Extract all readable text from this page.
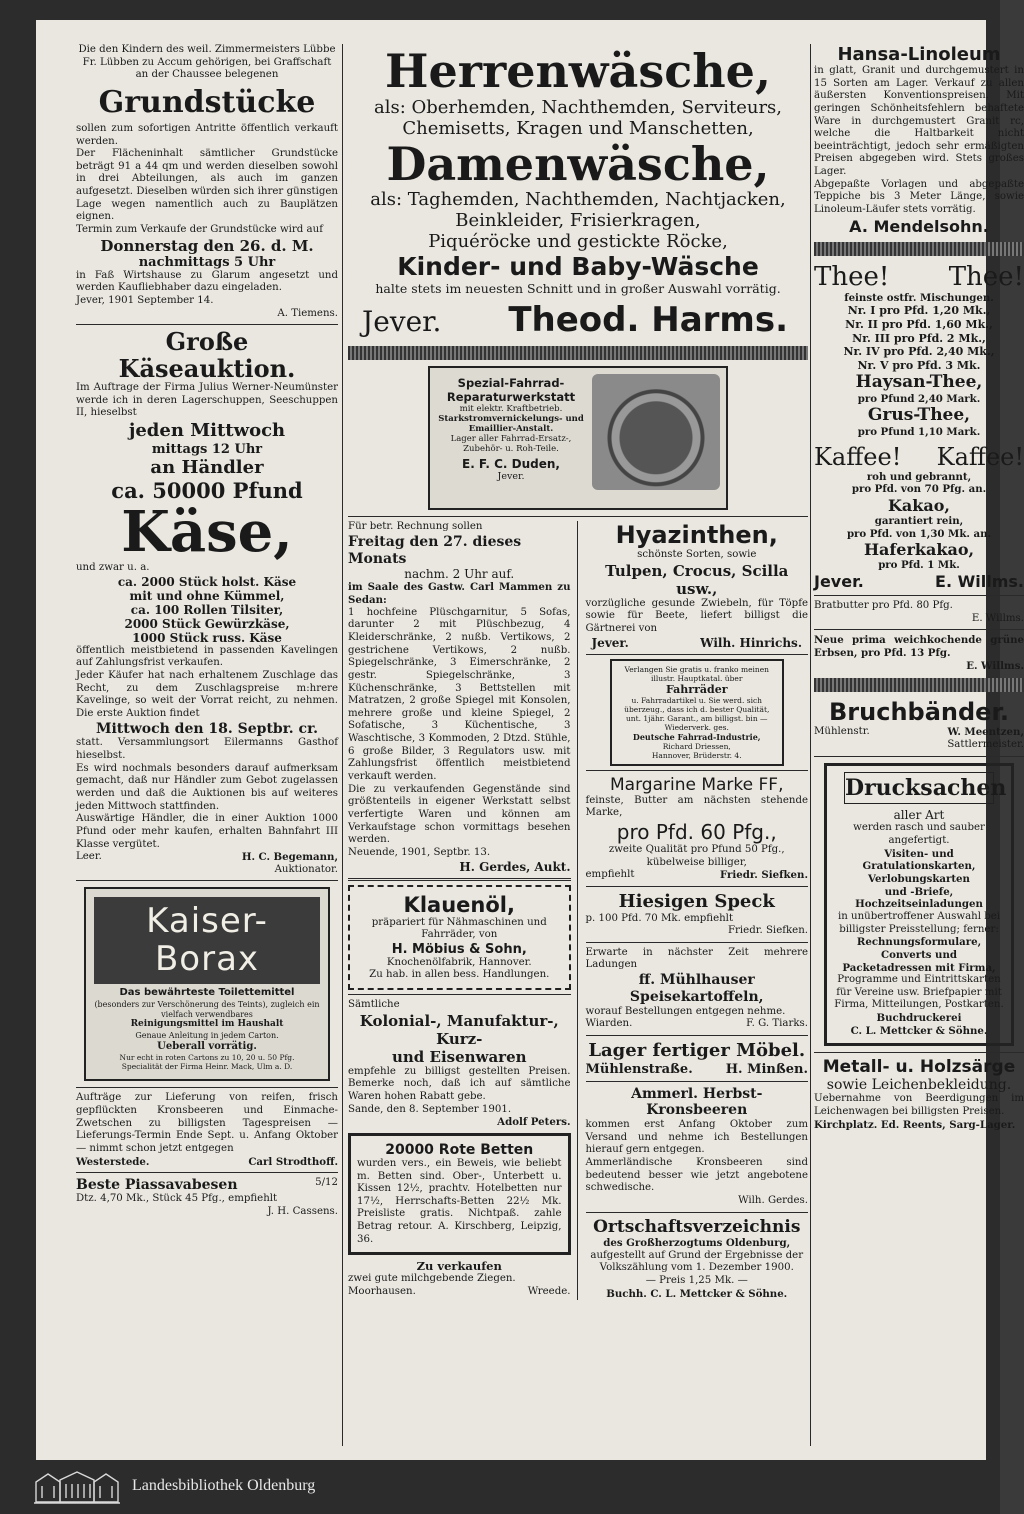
Die den Kindern des weil. Zimmermeisters Lübbe Fr. Lübben zu Accum gehörigen, bei Graffschaft an der Chaussee belegenen

Grundstücke

sollen zum sofortigen Antritte öffentlich verkauft werden.

Der Flächeninhalt sämtlicher Grundstücke beträgt 91 a 44 qm und werden dieselben sowohl in drei Abteilungen, als auch im ganzen aufgesetzt. Dieselben würden sich ihrer günstigen Lage wegen namentlich auch zu Bauplätzen eignen.

Termin zum Verkaufe der Grundstücke wird auf

Donnerstag den 26. d. M.

nachmittags 5 Uhr

in Faß Wirtshause zu Glarum angesetzt und werden Kaufliebhaber dazu eingeladen.

Jever, 1901 September 14.

A. Tiemens.

Große Käseauktion.

Im Auftrage der Firma Julius Werner-Neumünster werde ich in deren Lagerschuppen, Seeschuppen II, hieselbst

jeden Mittwoch

mittags 12 Uhr

an Händler

ca. 50000 Pfund

Käse,

und zwar u. a.

ca. 2000 Stück holst. Käse

mit und ohne Kümmel,

ca. 100 Rollen Tilsiter,

2000 Stück Gewürzkäse,

1000 Stück russ. Käse

öffentlich meistbietend in passenden Kavelingen auf Zahlungsfrist verkaufen.

Jeder Käufer hat nach erhaltenem Zuschlage das Recht, zu dem Zuschlagspreise m:hrere Kavelinge, so weit der Vorrat reicht, zu nehmen. Die erste Auktion findet

Mittwoch den 18. Septbr. cr.

statt. Versammlungsort Eilermanns Gasthof hieselbst.

Es wird nochmals besonders darauf aufmerksam gemacht, daß nur Händler zum Gebot zugelassen werden und daß die Auktionen bis auf weiteres jeden Mittwoch stattfinden.

Auswärtige Händler, die in einer Auktion 1000 Pfund oder mehr kaufen, erhalten Bahnfahrt III Klasse vergütet.

Leer.	H. C. Begemann,

Auktionator.

Kaiser-
Borax

Das bewährteste Toilettemittel

(besonders zur Verschönerung des Teints), zugleich ein vielfach verwendbares

Reinigungsmittel im Haushalt

Genaue Anleitung in jedem Carton.

Ueberall vorrätig.

Nur echt in roten Cartons zu 10, 20 u. 50 Pfg.

Specialität der Firma Heinr. Mack, Ulm a. D.

Aufträge zur Lieferung von reifen, frisch gepflückten Kronsbeeren und Einmache-Zwetschen zu billigsten Tagespreisen — Lieferungs-Termin Ende Sept. u. Anfang Oktober — nimmt schon jetzt entgegen

Westerstede.	Carl Strodthoff.
Beste Piassavabesen	5/12

Dtz. 4,70 Mk., Stück 45 Pfg., empfiehlt

J. H. Cassens.

Herrenwäsche,

als: Oberhemden, Nachthemden, Serviteurs,

Chemisetts, Kragen und Manschetten,

Damenwäsche,

als: Taghemden, Nachthemden, Nachtjacken,

Beinkleider, Frisierkragen,

Piquéröcke und gestickte Röcke,

Kinder- und Baby-Wäsche

halte stets im neuesten Schnitt und in großer Auswahl vorrätig.

Jever. Theod. Harms.

Spezial-Fahrrad-

Reparaturwerkstatt

mit elektr. Kraftbetrieb.

Starkstromvernickelungs- und Emaillier-Anstalt.

Lager aller Fahrrad-Ersatz-, Zubehör- u. Roh-Teile.

E. F. C. Duden,

Jever.

Für betr. Rechnung sollen

Freitag den 27. dieses Monats

nachm. 2 Uhr auf.

im Saale des Gastw. Carl Mammen zu Sedan:

1 hochfeine Plüschgarnitur, 5 Sofas, darunter 2 mit Plüschbezug, 4 Kleiderschränke, 2 nußb. Vertikows, 2 gestrichene Vertikows, 2 nußb. Spiegelschränke, 3 Eimerschränke, 2 gestr. Spiegelschränke, 3 Küchenschränke, 3 Bettstellen mit Matratzen, 2 große Spiegel mit Konsolen, mehrere große und kleine Spiegel, 2 Sofatische, 3 Küchentische, 3 Waschtische, 3 Kommoden, 2 Dtzd. Stühle, 6 große Bilder, 3 Regulators usw. mit Zahlungsfrist öffentlich meistbietend verkauft werden.

Die zu verkaufenden Gegenstände sind größtenteils in eigener Werkstatt selbst verfertigte Waren und können am Verkaufstage schon vormittags besehen werden.

Neuende, 1901, Septbr. 13.

H. Gerdes, Aukt.

Klauenöl,

präpariert für Nähmaschinen und Fahrräder, von

H. Möbius & Sohn,

Knochenölfabrik, Hannover.

Zu hab. in allen bess. Handlungen.

Sämtliche

Kolonial-, Manufaktur-, Kurz-

und Eisenwaren

empfehle zu billigst gestellten Preisen. Bemerke noch, daß ich auf sämtliche Waren hohen Rabatt gebe.

Sande, den 8. September 1901.

Adolf Peters.

20000 Rote Betten

wurden vers., ein Beweis, wie beliebt m. Betten sind. Ober-, Unterbett u. Kissen 12½, prachtv. Hotelbetten nur 17½, Herrschafts-Betten 22½ Mk. Preisliste gratis. Nichtpaß. zahle Betrag retour. A. Kirschberg, Leipzig, 36.

Zu verkaufen

zwei gute milchgebende Ziegen.

Moorhausen.	Wreede.

Hyazinthen,

schönste Sorten, sowie

Tulpen, Crocus, Scilla usw.,

vorzügliche gesunde Zwiebeln, für Töpfe sowie für Beete, liefert billigst die Gärtnerei von

Jever.	Wilh. Hinrichs.

Verlangen Sie gratis u. franko meinen illustr. Hauptkatal. über

Fahrräder

u. Fahrradartikel u. Sie werd. sich überzeug., dass ich d. bester Qualität, unt. 1jähr. Garant., am billigst. bin — Wiederverk. ges.

Deutsche Fahrrad-Industrie,

Richard Driessen,

Hannover, Brüderstr. 4.

Margarine Marke FF,

feinste, Butter am nächsten stehende Marke,

pro Pfd. 60 Pfg.,

zweite Qualität pro Pfund 50 Pfg., kübelweise billiger,

empfiehlt	Friedr. Siefken.

Hiesigen Speck

p. 100 Pfd. 70 Mk. empfiehlt

Friedr. Siefken.

Erwarte in nächster Zeit mehrere Ladungen

ff. Mühlhauser Speisekartoffeln,

worauf Bestellungen entgegen nehme.

Wiarden.	F. G. Tiarks.

Lager fertiger Möbel.

Mühlenstraße.	H. Minßen.

Ammerl. Herbst-Kronsbeeren

kommen erst Anfang Oktober zum Versand und nehme ich Bestellungen hierauf gern entgegen.

Ammerländische Kronsbeeren sind bedeutend besser wie jetzt angebotene schwedische.

Wilh. Gerdes.

Ortschaftsverzeichnis

des Großherzogtums Oldenburg,

aufgestellt auf Grund der Ergebnisse der Volkszählung vom 1. Dezember 1900.

— Preis 1,25 Mk. —

Buchh. C. L. Mettcker & Söhne.

Hansa-Linoleum

in glatt, Granit und durchgemustert in 15 Sorten am Lager. Verkauf zu allen äußersten Konventionspreisen. Mit geringen Schönheitsfehlern behaftete Ware in durchgemustert Granit rc, welche die Haltbarkeit nicht beeinträchtigt, jedoch sehr ermäßigten Preisen abgegeben wird. Stets großes Lager.

Abgepaßte Vorlagen und abgepaßte Teppiche bis 3 Meter Länge, sowie Linoleum-Läufer stets vorrätig.

A. Mendelsohn.

Thee! Thee!

feinste ostfr. Mischungen.

Nr. I pro Pfd. 1,20 Mk.,

Nr. II pro Pfd. 1,60 Mk.,

Nr. III pro Pfd. 2 Mk.,

Nr. IV pro Pfd. 2,40 Mk.,

Nr. V pro Pfd. 3 Mk.

Haysan-Thee,

pro Pfund 2,40 Mark.

Grus-Thee,

pro Pfund 1,10 Mark.

Kaffee! Kaffee!

roh und gebrannt,

pro Pfd. von 70 Pfg. an.

Kakao,

garantiert rein,

pro Pfd. von 1,30 Mk. an.

Haferkakao,

pro Pfd. 1 Mk.

Jever.	E. Willms.

Bratbutter pro Pfd. 80 Pfg.

E. Willms.

Neue prima weichkochende grüne Erbsen, pro Pfd. 13 Pfg.

E. Willms.

Bruchbänder.

Mühlenstr.	W. Meentzen,

Sattlermeister.

Drucksachen

aller Art

werden rasch und sauber

angefertigt.

Visiten- und

Gratulationskarten,

Verlobungskarten

und -Briefe,

Hochzeitseinladungen

in unübertroffener Auswahl bei billigster Preisstellung; ferner:

Rechnungsformulare,

Converts und

Packetadressen mit Firma,

Programme und Eintrittskarten für Vereine usw. Briefpapier mit Firma, Mitteilungen, Postkarten.

Buchdruckerei

C. L. Mettcker & Söhne.

Metall- u. Holzsärge

sowie Leichenbekleidung.

Uebernahme von Beerdigungen im Leichenwagen bei billigsten Preisen.

Kirchplatz. Ed. Reents, Sarg-Lager.

Landesbibliothek Oldenburg
